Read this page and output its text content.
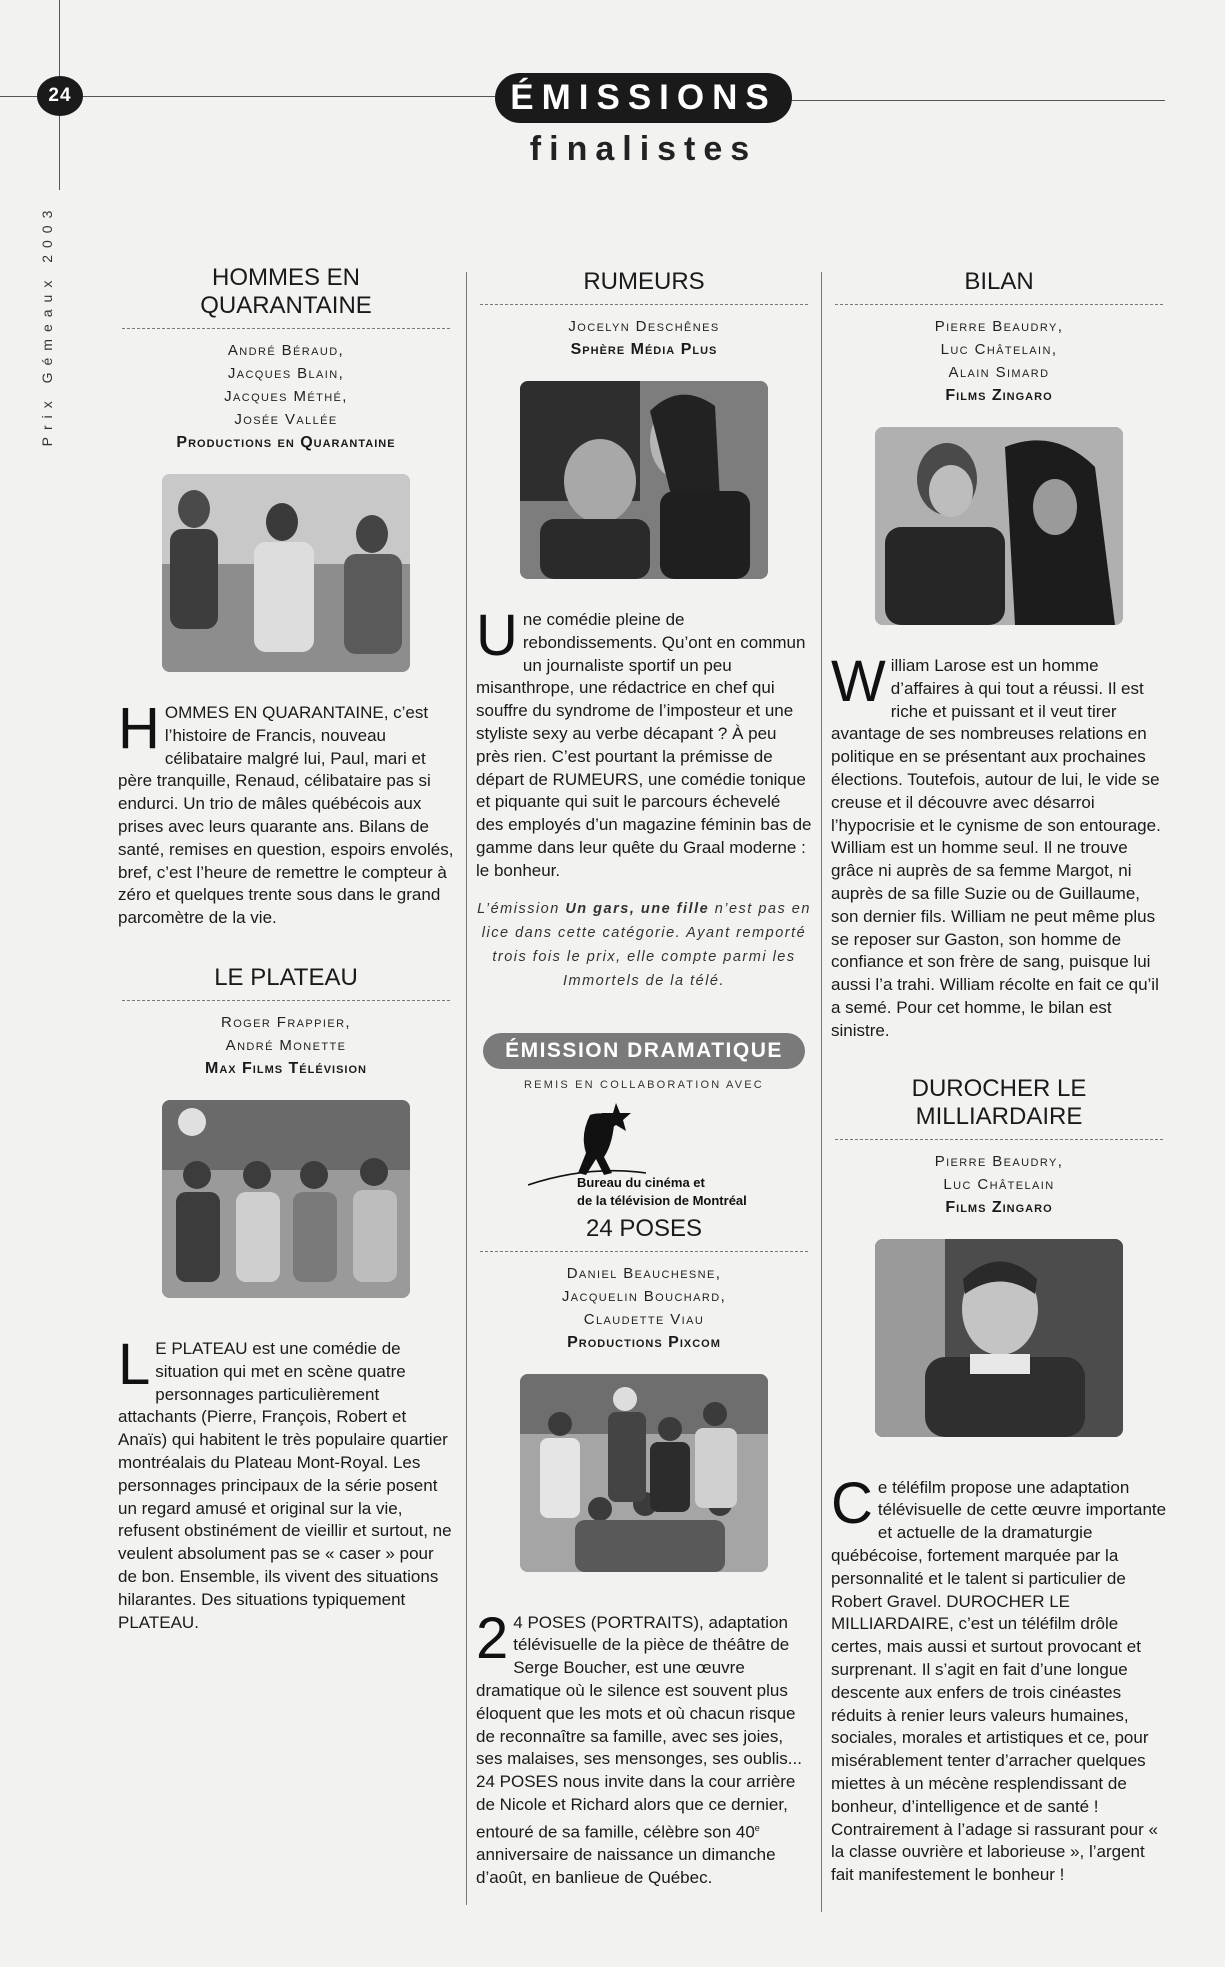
24
Prix Gémeaux 2003
ÉMISSIONS
finalistes
HOMMES EN QUARANTAINE
André Béraud,
Jacques Blain,
Jacques Méthé,
Josée Vallée
Productions en Quarantaine

HOMMES EN QUARANTAINE, c’est l’histoire de Francis, nouveau célibataire malgré lui, Paul, mari et père tranquille, Renaud, célibataire pas si endurci. Un trio de mâles québécois aux prises avec leurs quarante ans. Bilans de santé, remises en question, espoirs envolés, bref, c’est l’heure de remettre le compteur à zéro et quelques trente sous dans le grand parcomètre de la vie.

LE PLATEAU
Roger Frappier,
André Monette
Max Films Télévision

L E PLATEAU est une comédie de situation qui met en scène quatre personnages particulièrement attachants (Pierre, François, Robert et Anaïs) qui habitent le très populaire quartier montréalais du Plateau Mont-Royal. Les personnages principaux de la série posent un regard amusé et original sur la vie, refusent obstinément de vieillir et surtout, ne veulent absolument pas se « caser » pour de bon. Ensemble, ils vivent des situations hilarantes. Des situations typiquement PLATEAU.

RUMEURS
Jocelyn Deschênes
Sphère Média Plus

Une comédie pleine de rebondissements. Qu’ont en commun un journaliste sportif un peu misanthrope, une rédactrice en chef qui souffre du syndrome de l’imposteur et une styliste sexy au verbe décapant ? À peu près rien. C’est pourtant la prémisse de départ de RUMEURS, une comédie tonique et piquante qui suit le parcours échevelé des employés d’un magazine féminin bas de gamme dans leur quête du Graal moderne : le bonheur.

L’émission Un gars, une fille n’est pas en lice dans cette catégorie. Ayant remporté trois fois le prix, elle compte parmi les Immortels de la télé.

ÉMISSION DRAMATIQUE
REMIS EN COLLABORATION AVEC
Bureau du cinéma et
de la télévision de Montréal
24 POSES
Daniel Beauchesne,
Jacquelin Bouchard,
Claudette Viau
Productions Pixcom

2 4 POSES (PORTRAITS), adaptation télévisuelle de la pièce de théâtre de Serge Boucher, est une œuvre dramatique où le silence est souvent plus éloquent que les mots et où chacun risque de reconnaître sa famille, avec ses joies, ses malaises, ses mensonges, ses oublis... 24 POSES nous invite dans la cour arrière de Nicole et Richard alors que ce dernier, entouré de sa famille, célèbre son 40e anniversaire de naissance un dimanche d’août, en banlieue de Québec.

BILAN
Pierre Beaudry,
Luc Châtelain,
Alain Simard
Films Zingaro

William Larose est un homme d’affaires à qui tout a réussi. Il est riche et puissant et il veut tirer avantage de ses nombreuses relations en politique en se présentant aux prochaines élections. Toutefois, autour de lui, le vide se creuse et il découvre avec désarroi l’hypocrisie et le cynisme de son entourage. William est un homme seul. Il ne trouve grâce ni auprès de sa femme Margot, ni auprès de sa fille Suzie ou de Guillaume, son dernier fils. William ne peut même plus se reposer sur Gaston, son homme de confiance et son frère de sang, puisque lui aussi l’a trahi. William récolte en fait ce qu’il a semé. Pour cet homme, le bilan est sinistre.

DUROCHER LE MILLIARDAIRE
Pierre Beaudry,
Luc Châtelain
Films Zingaro

Ce téléfilm propose une adaptation télévisuelle de cette œuvre importante et actuelle de la dramaturgie québécoise, fortement marquée par la personnalité et le talent si particulier de Robert Gravel. DUROCHER LE MILLIARDAIRE, c’est un téléfilm drôle certes, mais aussi et surtout provocant et surprenant. Il s’agit en fait d’une longue descente aux enfers de trois cinéastes réduits à renier leurs valeurs humaines, sociales, morales et artistiques et ce, pour misérablement tenter d’arracher quelques miettes à un mécène resplendissant de bonheur, d’intelligence et de santé ! Contrairement à l’adage si rassurant pour « la classe ouvrière et laborieuse », l’argent fait manifestement le bonheur !
